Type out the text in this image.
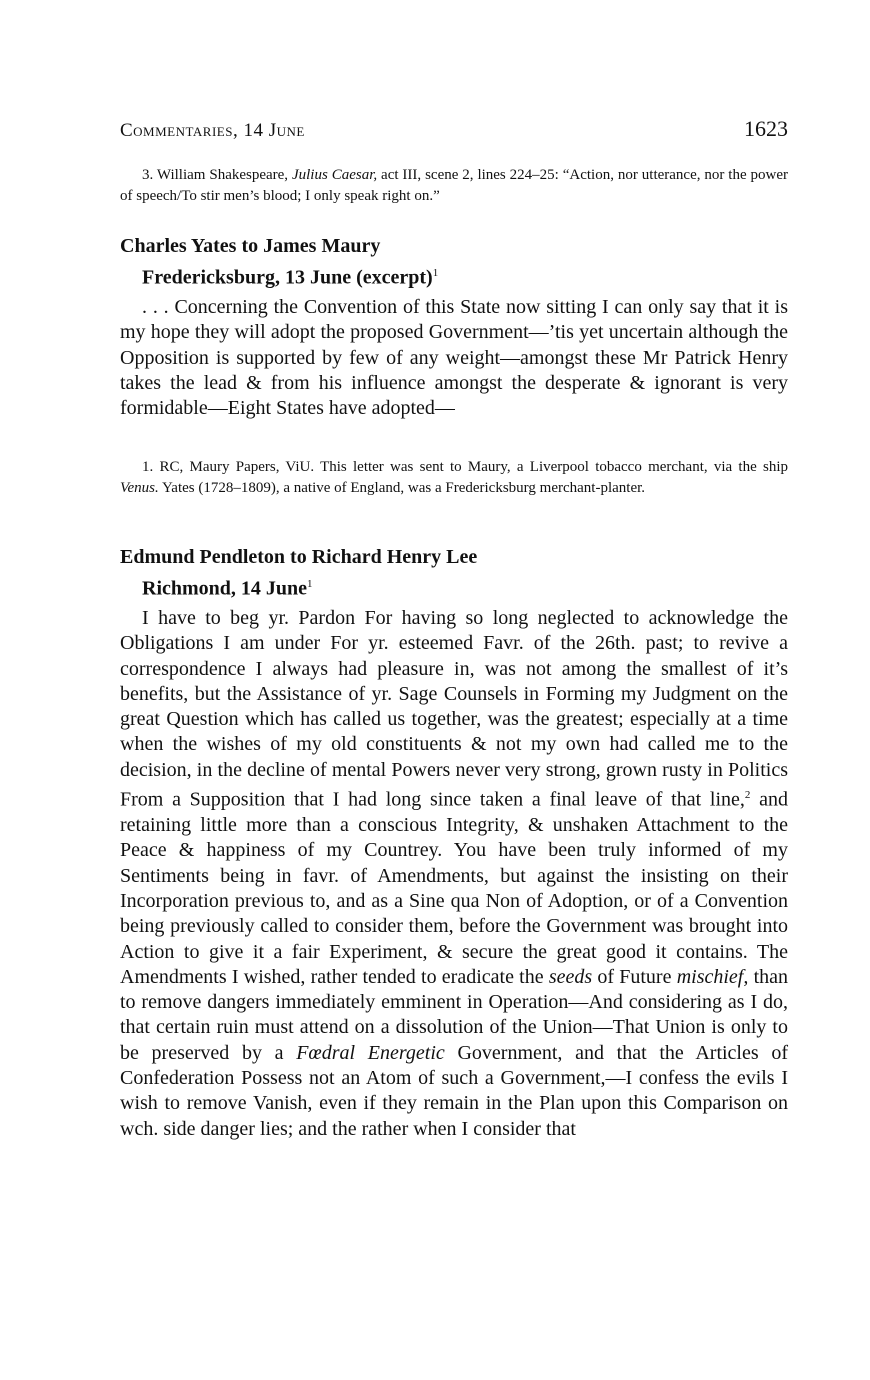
Commentaries, 14 June	1623
3. William Shakespeare, Julius Caesar, act III, scene 2, lines 224–25: “Action, nor utterance, nor the power of speech/To stir men’s blood; I only speak right on.”
Charles Yates to James Maury
Fredericksburg, 13 June (excerpt)$^1$
. . . Concerning the Convention of this State now sitting I can only say that it is my hope they will adopt the proposed Government—’tis yet uncertain although the Opposition is supported by few of any weight—amongst these Mr Patrick Henry takes the lead & from his influence amongst the desperate & ignorant is very formidable—Eight States have adopted—
1. RC, Maury Papers, ViU. This letter was sent to Maury, a Liverpool tobacco merchant, via the ship Venus. Yates (1728–1809), a native of England, was a Fredericksburg merchant-planter.
Edmund Pendleton to Richard Henry Lee
Richmond, 14 June$^1$
I have to beg yr. Pardon For having so long neglected to acknowledge the Obligations I am under For yr. esteemed Favr. of the 26th. past; to revive a correspondence I always had pleasure in, was not among the smallest of it’s benefits, but the Assistance of yr. Sage Counsels in Forming my Judgment on the great Question which has called us together, was the greatest; especially at a time when the wishes of my old constituents & not my own had called me to the decision, in the decline of mental Powers never very strong, grown rusty in Politics From a Supposition that I had long since taken a final leave of that line,$^2$ and retaining little more than a conscious Integrity, & unshaken Attachment to the Peace & happiness of my Countrey. You have been truly informed of my Sentiments being in favr. of Amendments, but against the insisting on their Incorporation previous to, and as a Sine qua Non of Adoption, or of a Convention being previously called to consider them, before the Government was brought into Action to give it a fair Experiment, & secure the great good it contains. The Amendments I wished, rather tended to eradicate the seeds of Future mischief, than to remove dangers immediately emminent in Operation—And considering as I do, that certain ruin must attend on a dissolution of the Union—That Union is only to be preserved by a Fœdral Energetic Government, and that the Articles of Confederation Possess not an Atom of such a Government,—I confess the evils I wish to remove Vanish, even if they remain in the Plan upon this Comparison on wch. side danger lies; and the rather when I consider that
